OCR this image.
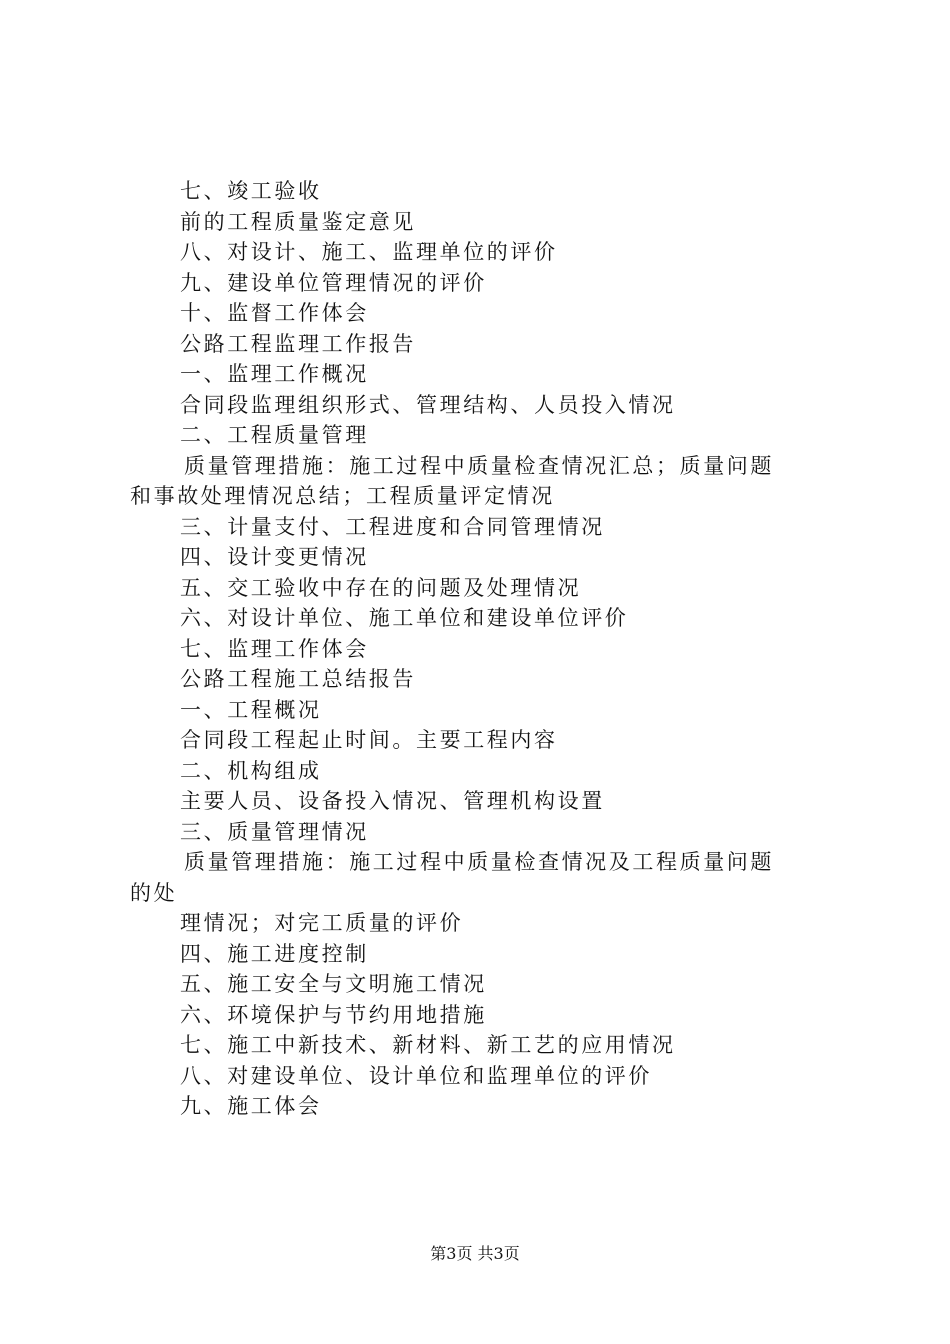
七、竣工验收
前的工程质量鉴定意见
八、对设计、施工、监理单位的评价
九、建设单位管理情况的评价
十、监督工作体会
公路工程监理工作报告
一、监理工作概况
合同段监理组织形式、管理结构、人员投入情况
二、工程质量管理
质量管理措施：施工过程中质量检查情况汇总；质量问题
和事故处理情况总结；工程质量评定情况
三、计量支付、工程进度和合同管理情况
四、设计变更情况
五、交工验收中存在的问题及处理情况
六、对设计单位、施工单位和建设单位评价
七、监理工作体会
公路工程施工总结报告
一、工程概况
合同段工程起止时间。主要工程内容
二、机构组成
主要人员、设备投入情况、管理机构设置
三、质量管理情况
质量管理措施：施工过程中质量检查情况及工程质量问题
的处
理情况；对完工质量的评价
四、施工进度控制
五、施工安全与文明施工情况
六、环境保护与节约用地措施
七、施工中新技术、新材料、新工艺的应用情况
八、对建设单位、设计单位和监理单位的评价
九、施工体会
第3页 共3页
